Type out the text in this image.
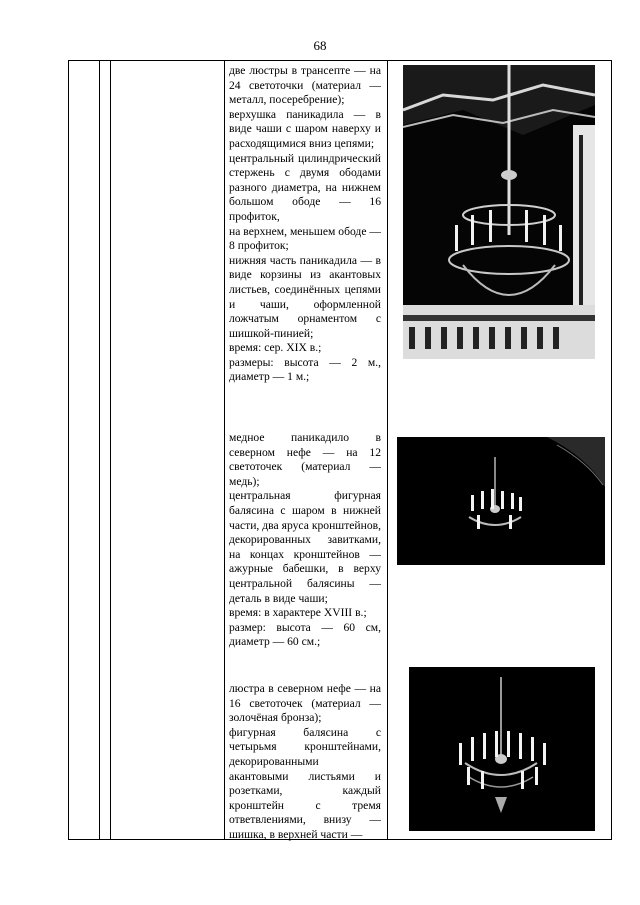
68

две люстры в трансепте — на 24 светоточки (материал — металл, посеребрение);

верхушка паникадила — в виде чаши с шаром наверху и расходящимися вниз цепями;

центральный цилиндрический стержень с двумя ободами разного диаметра, на нижнем большом ободе — 16 профиток,

на верхнем, меньшем ободе — 8 профиток;

нижняя часть паникадила — в виде корзины из акантовых листьев, соединённых цепями и чаши, оформленной ложчатым орнаментом с шишкой-пинией;

время: сер. XIX в.;

размеры: высота — 2 м., диаметр — 1 м.;

медное паникадило в северном нефе — на 12 светоточек (материал — медь);

центральная фигурная балясина с шаром в нижней части, два яруса кронштейнов, декорированных завитками, на концах кронштейнов — ажурные бабешки, в верху центральной балясины — деталь в виде чаши;

время: в характере XVIII в.;

размер: высота — 60 см, диаметр — 60 см.;

люстра в северном нефе — на 16 светоточек (материал — золочёная бронза);

фигурная балясина с четырьмя кронштейнами, декорированными акантовыми листьями и розетками, каждый кронштейн с тремя ответвлениями, внизу — шишка, в верхней части —
